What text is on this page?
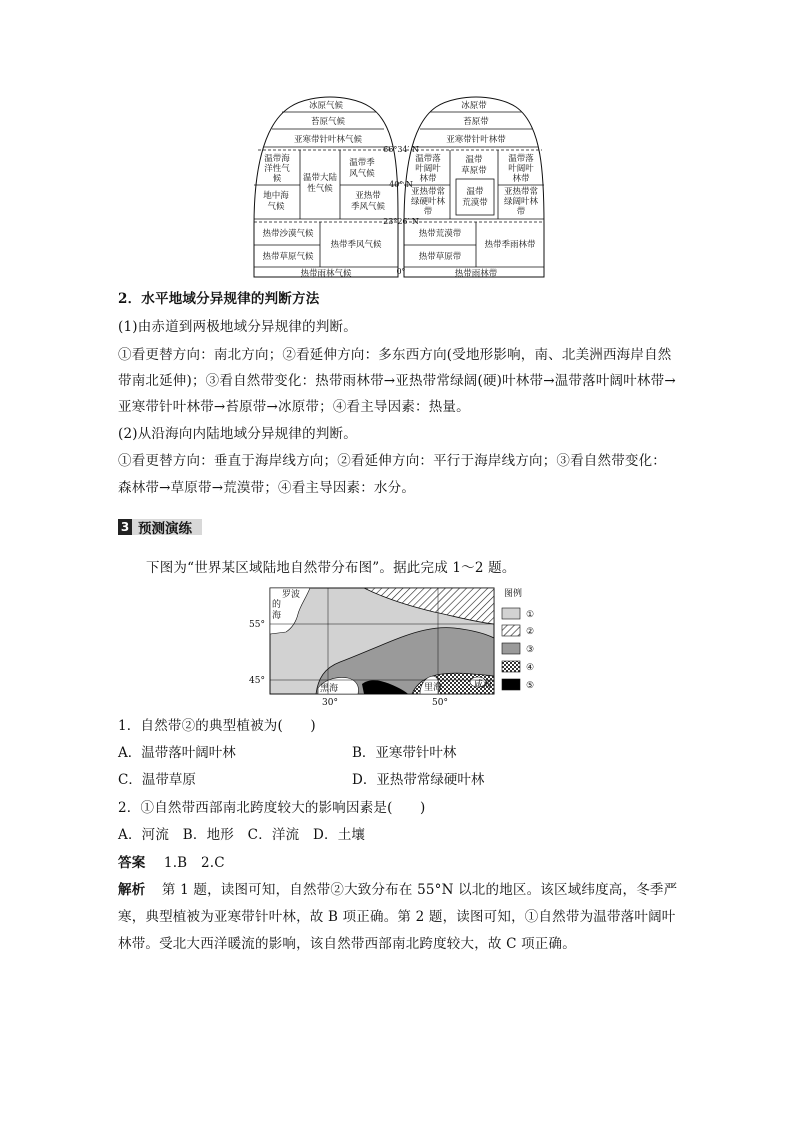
冰原气候
苔原气候
亚寒带针叶林气候
温带海
洋性气
候	温带大陆
性气候
温带季
风气候
地中海
气候
亚热带
季风气候
热带沙漠气候
热带草原气候
热带季风气候
热带雨林气候
冰原带
苔原带
亚寒带针叶林带
温带落
叶阔叶
林带
温带
草原带
温带
荒漠带
温带落
叶阔叶
林带
亚热带常
绿硬叶林
带
亚热带常
绿阔叶林
带
热带荒漠带
热带草原带
热带季雨林带
热带雨林带
66°34′ N
40° N
23°26′ N
0°
2．水平地域分异规律的判断方法
(1)由赤道到两极地域分异规律的判断。
①看更替方向：南北方向；②看延伸方向：多东西方向(受地形影响，南、北美洲西海岸自然
带南北延伸)；③看自然带变化：热带雨林带→亚热带常绿阔(硬)叶林带→温带落叶阔叶林带→
亚寒带针叶林带→苔原带→冰原带；④看主导因素：热量。
(2)从沿海向内陆地域分异规律的判断。
①看更替方向：垂直于海岸线方向；②看延伸方向：平行于海岸线方向；③看自然带变化：
森林带→草原带→荒漠带；④看主导因素：水分。
3 预测演练
下图为“世界某区域陆地自然带分布图”。据此完成 1～2 题。
罗波
的
海
黑海	里海	咸海
55°
45°
30°	50°
图例
①
②
③
④
⑤
1．自然带②的典型植被为(　　)
A．温带落叶阔叶林	B．亚寒带针叶林
C．温带草原	D．亚热带常绿硬叶林
2．①自然带西部南北跨度较大的影响因素是(　　)
A．河流　B．地形　C．洋流　D．土壤
答案 1.B　2.C
解析 第 1 题，读图可知，自然带②大致分布在 55°N 以北的地区。该区域纬度高，冬季严
寒，典型植被为亚寒带针叶林，故 B 项正确。第 2 题，读图可知，①自然带为温带落叶阔叶
林带。受北大西洋暖流的影响，该自然带西部南北跨度较大，故 C 项正确。
